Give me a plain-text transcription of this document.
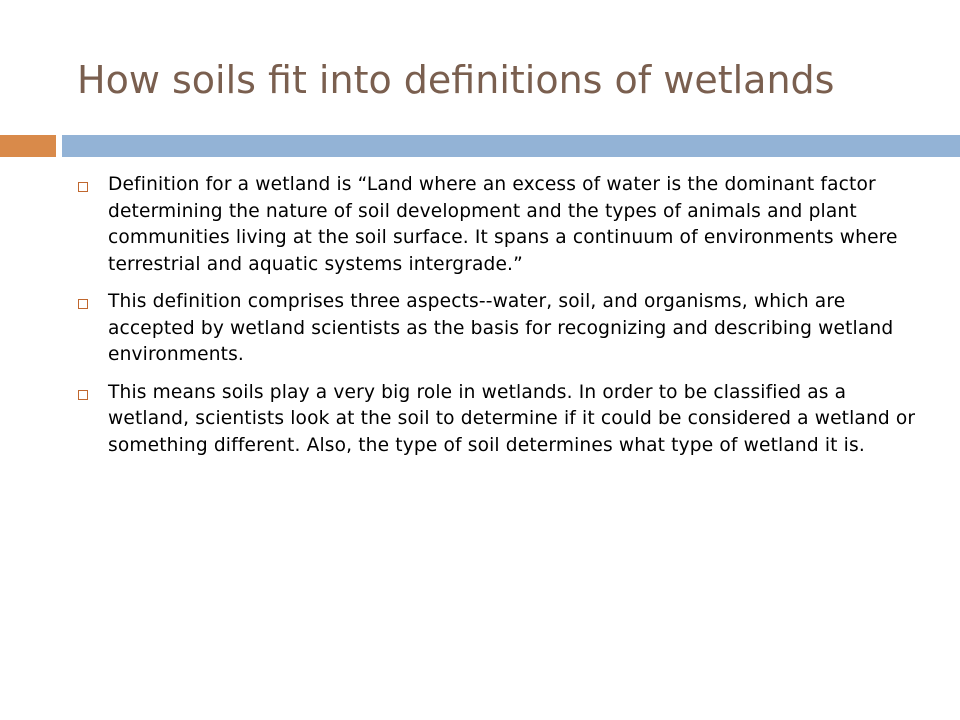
How soils fit into definitions of wetlands
Definition for a wetland is “Land where an excess of water is the dominant factor determining the nature of soil development and the types of animals and plant communities living at the soil surface. It spans a continuum of environments where terrestrial and aquatic systems intergrade.”
This definition comprises three aspects--water, soil, and organisms, which are accepted by wetland scientists as the basis for recognizing and describing wetland environments.
This means soils play a very big role in wetlands. In order to be classified as a wetland, scientists look at the soil to determine if it could be considered a wetland or something different. Also, the type of soil determines what type of wetland it is.
